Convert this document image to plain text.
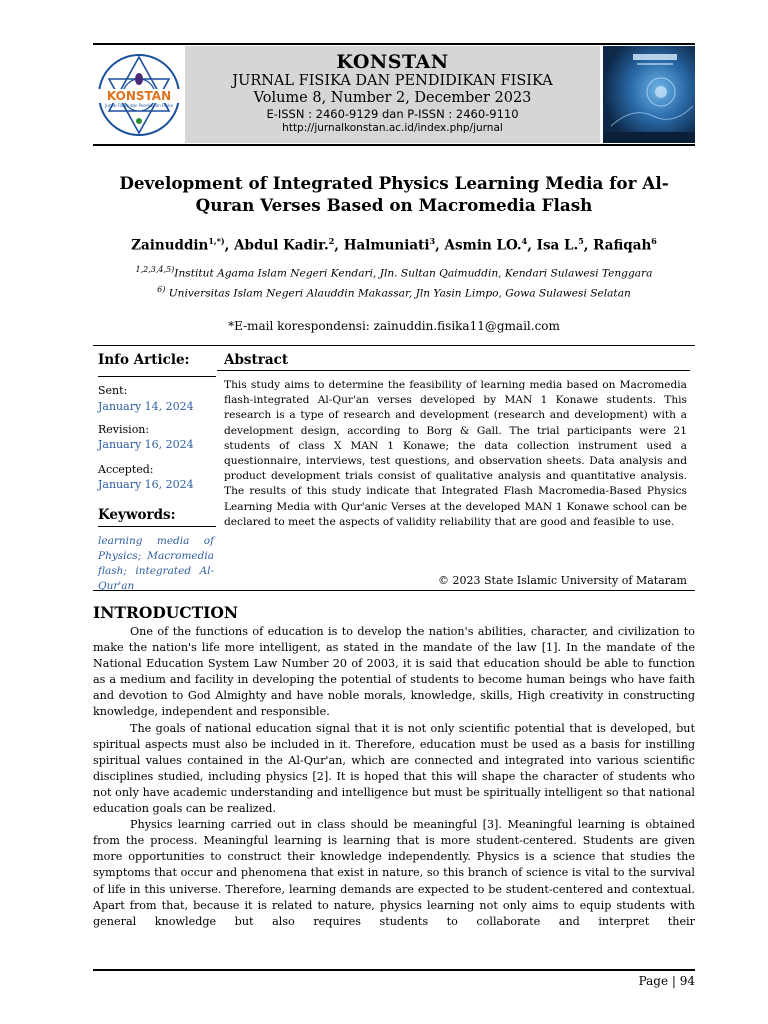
KONSTAN
Jurnal Fisika dan Pendidikan Fisika
KONSTAN
JURNAL FISIKA DAN PENDIDIKAN FISIKA
Volume 8, Number 2, December 2023
E-ISSN : 2460-9129 dan P-ISSN : 2460-9110
http://jurnalkonstan.ac.id/index.php/jurnal
Development of Integrated Physics Learning Media for Al-
Quran Verses Based on Macromedia Flash
Zainuddin$^{1,*)}$, Abdul Kadir.$^2$, Halmuniati$^3$, Asmin LO.$^4$, Isa L.$^5$, Rafiqah$^6$
$^{1,2,3,4,5)}$Institut Agama Islam Negeri Kendari, Jln. Sultan Qaimuddin, Kendari Sulawesi Tenggara
$^{6)}$ Universitas Islam Negeri Alauddin Makassar, Jln Yasin Limpo, Gowa Sulawesi Selatan
*E-mail korespondensi: zainuddin.fisika11@gmail.com
Info Article:
Sent:
January 14, 2024
Revision:
January 16, 2024
Accepted:
January 16, 2024
Keywords:
learning media of Physics; Macromedia flash; integrated Al-Qur'an
Abstract
This study aims to determine the feasibility of learning media based on Macromedia flash-integrated Al-Qur'an verses developed by MAN 1 Konawe students. This research is a type of research and development (research and development) with a development design, according to Borg & Gall. The trial participants were 21 students of class X MAN 1 Konawe; the data collection instrument used a questionnaire, interviews, test questions, and observation sheets. Data analysis and product development trials consist of qualitative analysis and quantitative analysis. The results of this study indicate that Integrated Flash Macromedia-Based Physics Learning Media with Qur'anic Verses at the developed MAN 1 Konawe school can be declared to meet the aspects of validity reliability that are good and feasible to use.
© 2023 State Islamic University of Mataram
INTRODUCTION

One of the functions of education is to develop the nation's abilities, character, and civilization to make the nation's life more intelligent, as stated in the mandate of the law [1]. In the mandate of the National Education System Law Number 20 of 2003, it is said that education should be able to function as a medium and facility in developing the potential of students to become human beings who have faith and devotion to God Almighty and have noble morals, knowledge, skills, High creativity in constructing knowledge, independent and responsible.

The goals of national education signal that it is not only scientific potential that is developed, but spiritual aspects must also be included in it. Therefore, education must be used as a basis for instilling spiritual values contained in the Al-Qur'an, which are connected and integrated into various scientific disciplines studied, including physics [2]. It is hoped that this will shape the character of students who not only have academic understanding and intelligence but must be spiritually intelligent so that national education goals can be realized.

Physics learning carried out in class should be meaningful [3]. Meaningful learning is obtained from the process. Meaningful learning is learning that is more student-centered. Students are given more opportunities to construct their knowledge independently. Physics is a science that studies the symptoms that occur and phenomena that exist in nature, so this branch of science is vital to the survival of life in this universe. Therefore, learning demands are expected to be student-centered and contextual. Apart from that, because it is related to nature, physics learning not only aims to equip students with general knowledge but also requires students to collaborate and interpret their

Page | 94
